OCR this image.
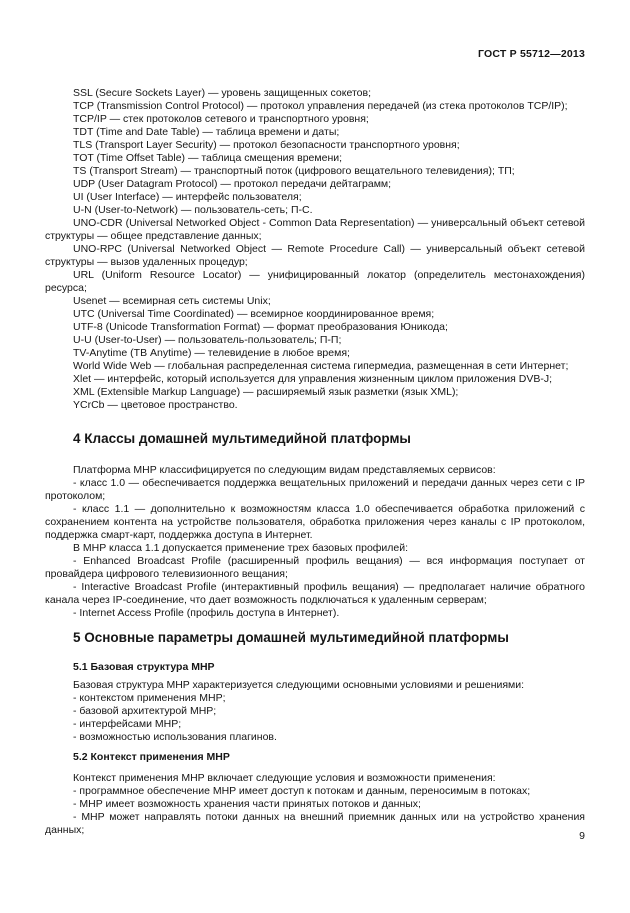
ГОСТ Р 55712—2013

SSL (Secure Sockets Layer) — уровень защищенных сокетов;

TCP (Transmission Control Protocol) — протокол управления передачей (из стека протоколов TCP/IP);

TCP/IP — стек протоколов сетевого и транспортного уровня;

TDT (Time and Date Table) — таблица времени и даты;

TLS (Transport Layer Security) — протокол безопасности транспортного уровня;

TOT (Time Offset Table) — таблица смещения времени;

TS (Transport Stream) — транспортный поток (цифрового вещательного телевидения); ТП;

UDP (User Datagram Protocol) — протокол передачи дейтаграмм;

UI (User Interface) — интерфейс пользователя;

U-N (User-to-Network) — пользователь-сеть; П-С.

UNO-CDR (Universal Networked Object - Common Data Representation) — универсальный объект сетевой структуры — общее представление данных;

UNO-RPC (Universal Networked Object — Remote Procedure Call) — универсальный объект сетевой структуры — вызов удаленных процедур;

URL (Uniform Resource Locator) — унифицированный локатор (определитель местонахождения) ресурса;

Usenet — всемирная сеть системы Unix;

UTC (Universal Time Coordinated) — всемирное координированное время;

UTF-8 (Unicode Transformation Format) — формат преобразования Юникода;

U-U (User-to-User) — пользователь-пользователь; П-П;

TV-Anytime (ТВ Anytime) — телевидение в любое время;

World Wide Web — глобальная распределенная система гипермедиа, размещенная в сети Интернет;

Xlet — интерфейс, который используется для управления жизненным циклом приложения DVB-J;

XML (Extensible Markup Language) — расширяемый язык разметки (язык XML);

YCrCb — цветовое пространство.

4 Классы домашней мультимедийной платформы

Платформа MHP классифицируется по следующим видам представляемых сервисов:

- класс 1.0 — обеспечивается поддержка вещательных приложений и передачи данных через сети с IP протоколом;

- класс 1.1 — дополнительно к возможностям класса 1.0 обеспечивается обработка приложений с сохранением контента на устройстве пользователя, обработка приложения через каналы с IP протоколом, поддержка смарт-карт, поддержка доступа в Интернет.

В MHP класса 1.1 допускается применение трех базовых профилей:

- Enhanced Broadcast Profile (расширенный профиль вещания) — вся информация поступает от провайдера цифрового телевизионного вещания;

- Interactive Broadcast Profile (интерактивный профиль вещания) — предполагает наличие обратного канала через IP-соединение, что дает возможность подключаться к удаленным серверам;

- Internet Access Profile (профиль доступа в Интернет).

5 Основные параметры домашней мультимедийной платформы
5.1 Базовая структура MHP

Базовая структура MHP характеризуется следующими основными условиями и решениями:

- контекстом применения MHP;

- базовой архитектурой MHP;

- интерфейсами MHP;

- возможностью использования плагинов.

5.2 Контекст применения MHP

Контекст применения MHP включает следующие условия и возможности применения:

- программное обеспечение MHP имеет доступ к потокам и данным, переносимым в потоках;

- MHP имеет возможность хранения части принятых потоков и данных;

- MHP может направлять потоки данных на внешний приемник данных или на устройство хранения данных;	9
